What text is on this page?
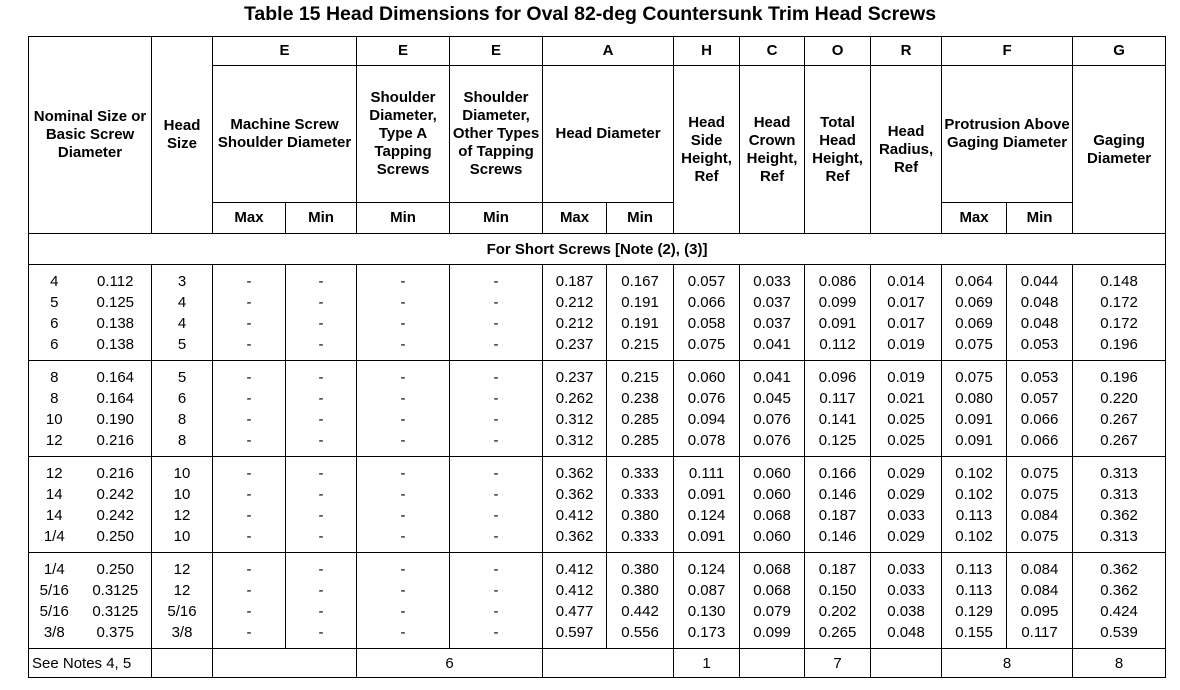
Table 15 Head Dimensions for Oval 82-deg Countersunk Trim Head Screws
Nominal Size or Basic Screw Diameter		Head Size	E		E	E	A		H	C	O	R	F		G
			Machine Screw Shoulder Diameter		Shoulder Diameter, Type A Tapping Screws	Shoulder Diameter, Other Types of Tapping Screws	Head Diameter		Head Side Height, Ref	Head Crown Height, Ref	Total Head Height, Ref	Head Radius, Ref	Protrusion Above Gaging Diameter		Gaging Diameter
			Max	Min	Min	Min	Max	Min					Max	Min	
For Short Screws [Note (2), (3)]															
4	0.112	3	-	-	-	-	0.187	0.167	0.057	0.033	0.086	0.014	0.064	0.044	0.148
5	0.125	4	-	-	-	-	0.212	0.191	0.066	0.037	0.099	0.017	0.069	0.048	0.172
6	0.138	4	-	-	-	-	0.212	0.191	0.058	0.037	0.091	0.017	0.069	0.048	0.172
6	0.138	5	-	-	-	-	0.237	0.215	0.075	0.041	0.112	0.019	0.075	0.053	0.196
8	0.164	5	-	-	-	-	0.237	0.215	0.060	0.041	0.096	0.019	0.075	0.053	0.196
8	0.164	6	-	-	-	-	0.262	0.238	0.076	0.045	0.117	0.021	0.080	0.057	0.220
10	0.190	8	-	-	-	-	0.312	0.285	0.094	0.076	0.141	0.025	0.091	0.066	0.267
12	0.216	8	-	-	-	-	0.312	0.285	0.078	0.076	0.125	0.025	0.091	0.066	0.267
12	0.216	10	-	-	-	-	0.362	0.333	0.111	0.060	0.166	0.029	0.102	0.075	0.313
14	0.242	10	-	-	-	-	0.362	0.333	0.091	0.060	0.146	0.029	0.102	0.075	0.313
14	0.242	12	-	-	-	-	0.412	0.380	0.124	0.068	0.187	0.033	0.113	0.084	0.362
1/4	0.250	10	-	-	-	-	0.362	0.333	0.091	0.060	0.146	0.029	0.102	0.075	0.313
1/4	0.250	12	-	-	-	-	0.412	0.380	0.124	0.068	0.187	0.033	0.113	0.084	0.362
5/16	0.3125	12	-	-	-	-	0.412	0.380	0.087	0.068	0.150	0.033	0.113	0.084	0.362
5/16	0.3125	5/16	-	-	-	-	0.477	0.442	0.130	0.079	0.202	0.038	0.129	0.095	0.424
3/8	0.375	3/8	-	-	-	-	0.597	0.556	0.173	0.099	0.265	0.048	0.155	0.117	0.539
See Notes 4, 5					6				1		7		8		8
